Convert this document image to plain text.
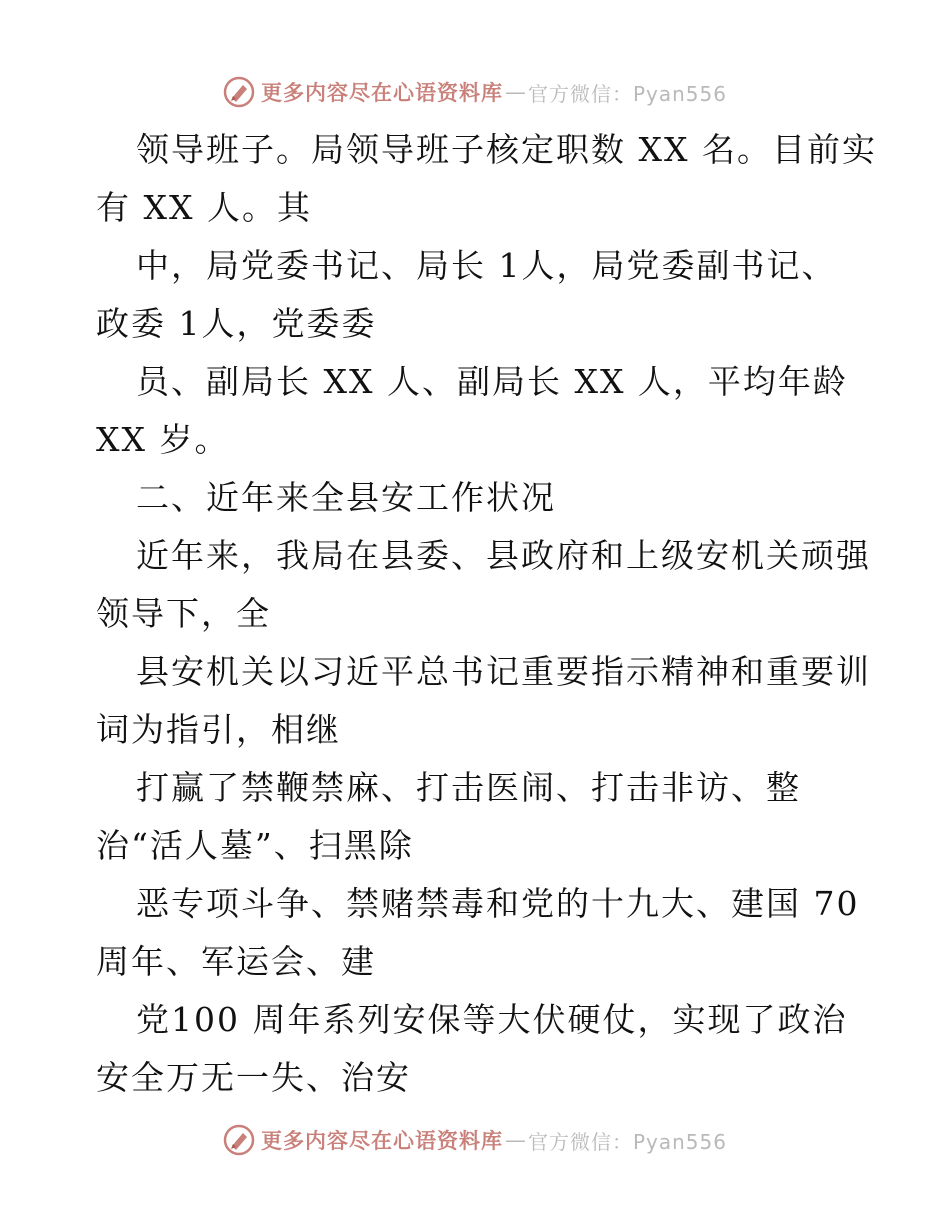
更多内容尽在心语资料库 — 官方微信：Pyan556
领导班子。局领导班子核定职数 XX 名。目前实
有 XX 人。其
中，局党委书记、局长 1人，局党委副书记、
政委 1人，党委委
员、副局长 XX 人、副局长 XX 人，平均年龄
XX 岁。
二、近年来全县安工作状况
近年来，我局在县委、县政府和上级安机关顽强
领导下，全
县安机关以习近平总书记重要指示精神和重要训
词为指引，相继
打赢了禁鞭禁麻、打击医闹、打击非访、整
治“活人墓”、扫黑除
恶专项斗争、禁赌禁毒和党的十九大、建国 70
周年、军运会、建
党100 周年系列安保等大伏硬仗，实现了政治
安全万无一失、治安
更多内容尽在心语资料库 — 官方微信：Pyan556
